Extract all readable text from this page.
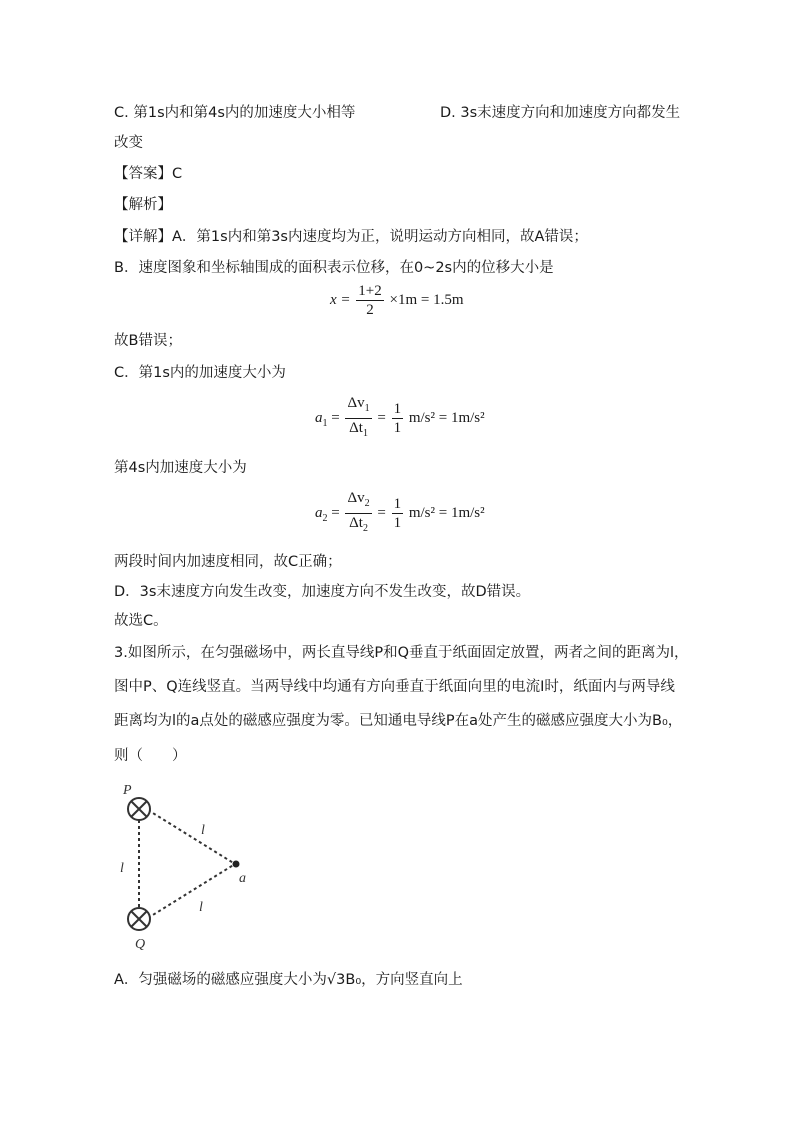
C. 第1s内和第4s内的加速度大小相等	D. 3s末速度方向和加速度方向都发生
改变
【答案】C
【解析】
【详解】A．第1s内和第3s内速度均为正，说明运动方向相同，故A错误；
B．速度图象和坐标轴围成的面积表示位移，在0~2s内的位移大小是
$x = \frac{1+2}{2} \times 1m = 1.5m$
故B错误；
C．第1s内的加速度大小为
$a_1 = \frac{\Delta v_1}{\Delta t_1} = \frac{1}{1} m/s^2 = 1m/s^2$
第4s内加速度大小为
$a_2 = \frac{\Delta v_2}{\Delta t_2} = \frac{1}{1} m/s^2 = 1m/s^2$
两段时间内加速度相同，故C正确；
D．3s末速度方向发生改变，加速度方向不发生改变，故D错误。
故选C。
3.如图所示，在匀强磁场中，两长直导线P和Q垂直于纸面固定放置，两者之间的距离为l，
图中P、Q连线竖直。当两导线中均通有方向垂直于纸面向里的电流I时，纸面内与两导线
距离均为l的a点处的磁感应强度为零。已知通电导线P在a处产生的磁感应强度大小为B₀，
则（　　）
P
Q
a
l
l
l
A．匀强磁场的磁感应强度大小为√3B₀，方向竖直向上
